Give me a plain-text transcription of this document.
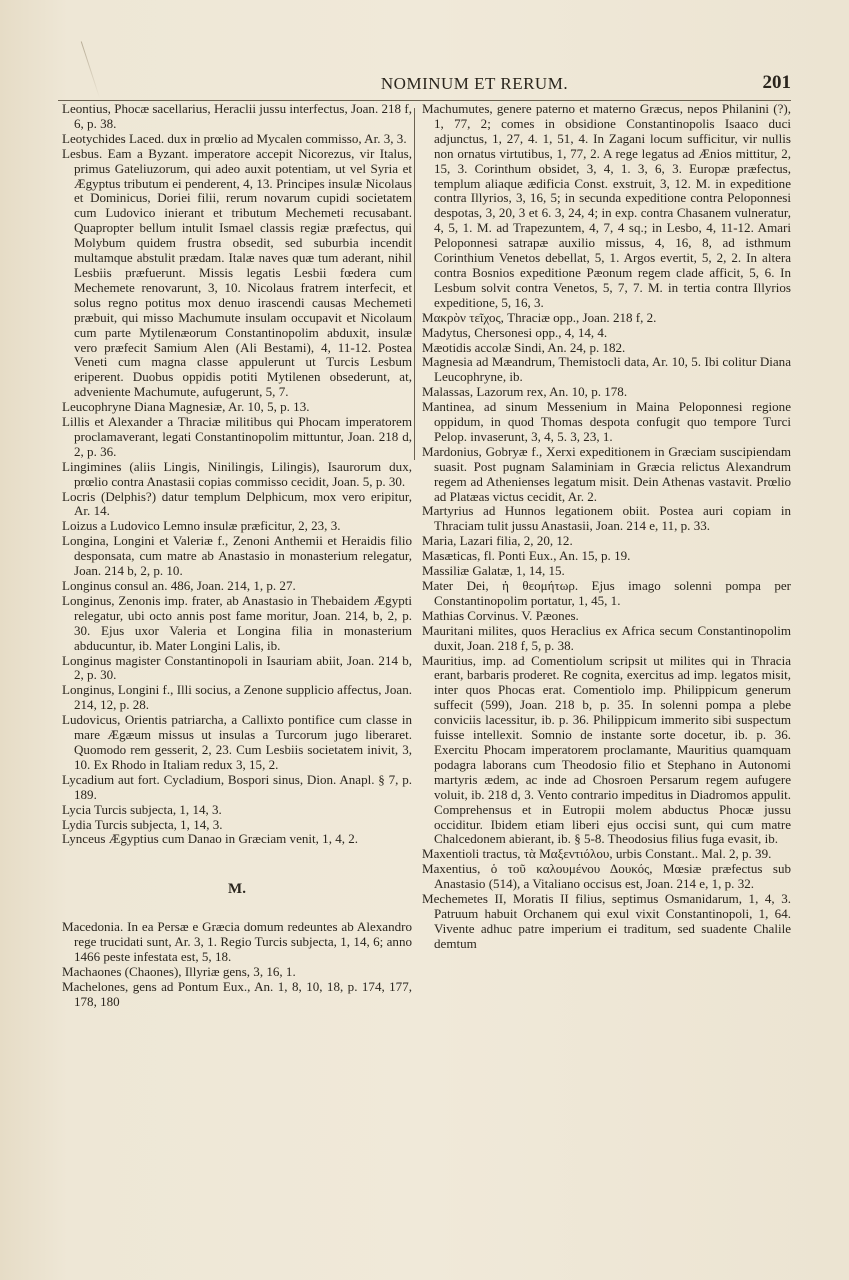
NOMINUM ET RERUM.	201

Leontius, Phocæ sacellarius, Heraclii jussu interfectus, Joan. 218 f, 6, p. 38.

Leotychides Laced. dux in prœlio ad Mycalen commisso, Ar. 3, 3.

Lesbus. Eam a Byzant. imperatore accepit Nicorezus, vir Italus, primus Gateliuzorum, qui adeo auxit potentiam, ut vel Syria et Ægyptus tributum ei penderent, 4, 13. Principes insulæ Nicolaus et Dominicus, Doriei filii, rerum novarum cupidi societatem cum Ludovico inierant et tributum Mechemeti recusabant. Quapropter bellum intulit Ismael classis regiæ præfectus, qui Molybum quidem frustra obsedit, sed suburbia incendit multamque abstulit prædam. Italæ naves quæ tum aderant, nihil Lesbiis præfuerunt. Missis legatis Lesbii fœdera cum Mechemete renovarunt, 3, 10. Nicolaus fratrem interfecit, et solus regno potitus mox denuo irascendi causas Mechemeti præbuit, qui misso Machumute insulam occupavit et Nicolaum cum parte Mytilenæorum Constantinopolim abduxit, insulæ vero præfecit Samium Alen (Ali Bestami), 4, 11-12. Postea Veneti cum magna classe appulerunt ut Turcis Lesbum eriperent. Duobus oppidis potiti Mytilenen obsederunt, at, adveniente Machumute, aufugerunt, 5, 7.

Leucophryne Diana Magnesiæ, Ar. 10, 5, p. 13.

Lillis et Alexander a Thraciæ militibus qui Phocam imperatorem proclamaverant, legati Constantinopolim mittuntur, Joan. 218 d, 2, p. 36.

Lingimines (aliis Lingis, Ninilingis, Lilingis), Isaurorum dux, prœlio contra Anastasii copias commisso cecidit, Joan. 5, p. 30.

Locris (Delphis?) datur templum Delphicum, mox vero eripitur, Ar. 14.

Loizus a Ludovico Lemno insulæ præficitur, 2, 23, 3.

Longina, Longini et Valeriæ f., Zenoni Anthemii et Heraidis filio desponsata, cum matre ab Anastasio in monasterium relegatur, Joan. 214 b, 2, p. 10.

Longinus consul an. 486, Joan. 214, 1, p. 27.

Longinus, Zenonis imp. frater, ab Anastasio in Thebaidem Ægypti relegatur, ubi octo annis post fame moritur, Joan. 214, b, 2, p. 30. Ejus uxor Valeria et Longina filia in monasterium abducuntur, ib. Mater Longini Lalis, ib.

Longinus magister Constantinopoli in Isauriam abiit, Joan. 214 b, 2, p. 30.

Longinus, Longini f., Illi socius, a Zenone supplicio affectus, Joan. 214, 12, p. 28.

Ludovicus, Orientis patriarcha, a Callixto pontifice cum classe in mare Ægæum missus ut insulas a Turcorum jugo liberaret. Quomodo rem gesserit, 2, 23. Cum Lesbiis societatem inivit, 3, 10. Ex Rhodo in Italiam redux 3, 15, 2.

Lycadium aut fort. Cycladium, Bospori sinus, Dion. Anapl. § 7, p. 189.

Lycia Turcis subjecta, 1, 14, 3.

Lydia Turcis subjecta, 1, 14, 3.

Lynceus Ægyptius cum Danao in Græciam venit, 1, 4, 2.

M.

Macedonia. In ea Persæ e Græcia domum redeuntes ab Alexandro rege trucidati sunt, Ar. 3, 1. Regio Turcis subjecta, 1, 14, 6; anno 1466 peste infestata est, 5, 18.

Machaones (Chaones), Illyriæ gens, 3, 16, 1.

Machelones, gens ad Pontum Eux., An. 1, 8, 10, 18, p. 174, 177, 178, 180

Machumutes, genere paterno et materno Græcus, nepos Philanini (?), 1, 77, 2; comes in obsidione Constantinopolis Isaaco duci adjunctus, 1, 27, 4. 1, 51, 4. In Zagani locum sufficitur, vir nullis non ornatus virtutibus, 1, 77, 2. A rege legatus ad Ænios mittitur, 2, 15, 3. Corinthum obsidet, 3, 4, 1. 3, 6, 3. Europæ præfectus, templum aliaque ædificia Const. exstruit, 3, 12. M. in expeditione contra Illyrios, 3, 16, 5; in secunda expeditione contra Peloponnesi despotas, 3, 20, 3 et 6. 3, 24, 4; in exp. contra Chasanem vulneratur, 4, 5, 1. M. ad Trapezuntem, 4, 7, 4 sq.; in Lesbo, 4, 11-12. Amari Peloponnesi satrapæ auxilio missus, 4, 16, 8, ad isthmum Corinthium Venetos debellat, 5, 1. Argos evertit, 5, 2, 2. In altera contra Bosnios expeditione Pæonum regem clade afficit, 5, 6. In Lesbum solvit contra Venetos, 5, 7, 7. M. in tertia contra Illyrios expeditione, 5, 16, 3.

Μακρὸν τεῖχος, Thraciæ opp., Joan. 218 f, 2.

Madytus, Chersonesi opp., 4, 14, 4.

Mæotidis accolæ Sindi, An. 24, p. 182.

Magnesia ad Mæandrum, Themistocli data, Ar. 10, 5. Ibi colitur Diana Leucophryne, ib.

Malassas, Lazorum rex, An. 10, p. 178.

Mantinea, ad sinum Messenium in Maina Peloponnesi regione oppidum, in quod Thomas despota confugit quo tempore Turci Pelop. invaserunt, 3, 4, 5. 3, 23, 1.

Mardonius, Gobryæ f., Xerxi expeditionem in Græciam suscipiendam suasit. Post pugnam Salaminiam in Græcia relictus Alexandrum regem ad Athenienses legatum misit. Dein Athenas vastavit. Prœlio ad Platæas victus cecidit, Ar. 2.

Martyrius ad Hunnos legationem obiit. Postea auri copiam in Thraciam tulit jussu Anastasii, Joan. 214 e, 11, p. 33.

Maria, Lazari filia, 2, 20, 12.

Masæticas, fl. Ponti Eux., An. 15, p. 19.

Massiliæ Galatæ, 1, 14, 15.

Mater Dei, ἡ θεομήτωρ. Ejus imago solenni pompa per Constantinopolim portatur, 1, 45, 1.

Mathias Corvinus. V. Pæones.

Mauritani milites, quos Heraclius ex Africa secum Constantinopolim duxit, Joan. 218 f, 5, p. 38.

Mauritius, imp. ad Comentiolum scripsit ut milites qui in Thracia erant, barbaris proderet. Re cognita, exercitus ad imp. legatos misit, inter quos Phocas erat. Comentiolo imp. Philippicum generum suffecit (599), Joan. 218 b, p. 35. In solenni pompa a plebe conviciis lacessitur, ib. p. 36. Philippicum immerito sibi suspectum fuisse intellexit. Somnio de instante sorte docetur, ib. p. 36. Exercitu Phocam imperatorem proclamante, Mauritius quamquam podagra laborans cum Theodosio filio et Stephano in Autonomi martyris ædem, ac inde ad Chosroen Persarum regem aufugere voluit, ib. 218 d, 3. Vento contrario impeditus in Diadromos appulit. Comprehensus et in Eutropii molem abductus Phocæ jussu occiditur. Ibidem etiam liberi ejus occisi sunt, qui cum matre Chalcedonem abierant, ib. § 5-8. Theodosius filius fuga evasit, ib.

Maxentioli tractus, τὰ Μαξεντιόλου, urbis Constant.. Mal. 2, p. 39.

Maxentius, ὁ τοῦ καλουμένου Δουκός, Mœsiæ præfectus sub Anastasio (514), a Vitaliano occisus est, Joan. 214 e, 1, p. 32.

Mechemetes II, Moratis II filius, septimus Osmanidarum, 1, 4, 3. Patruum habuit Orchanem qui exul vixit Constantinopoli, 1, 64. Vivente adhuc patre imperium ei traditum, sed suadente Chalile demtum
